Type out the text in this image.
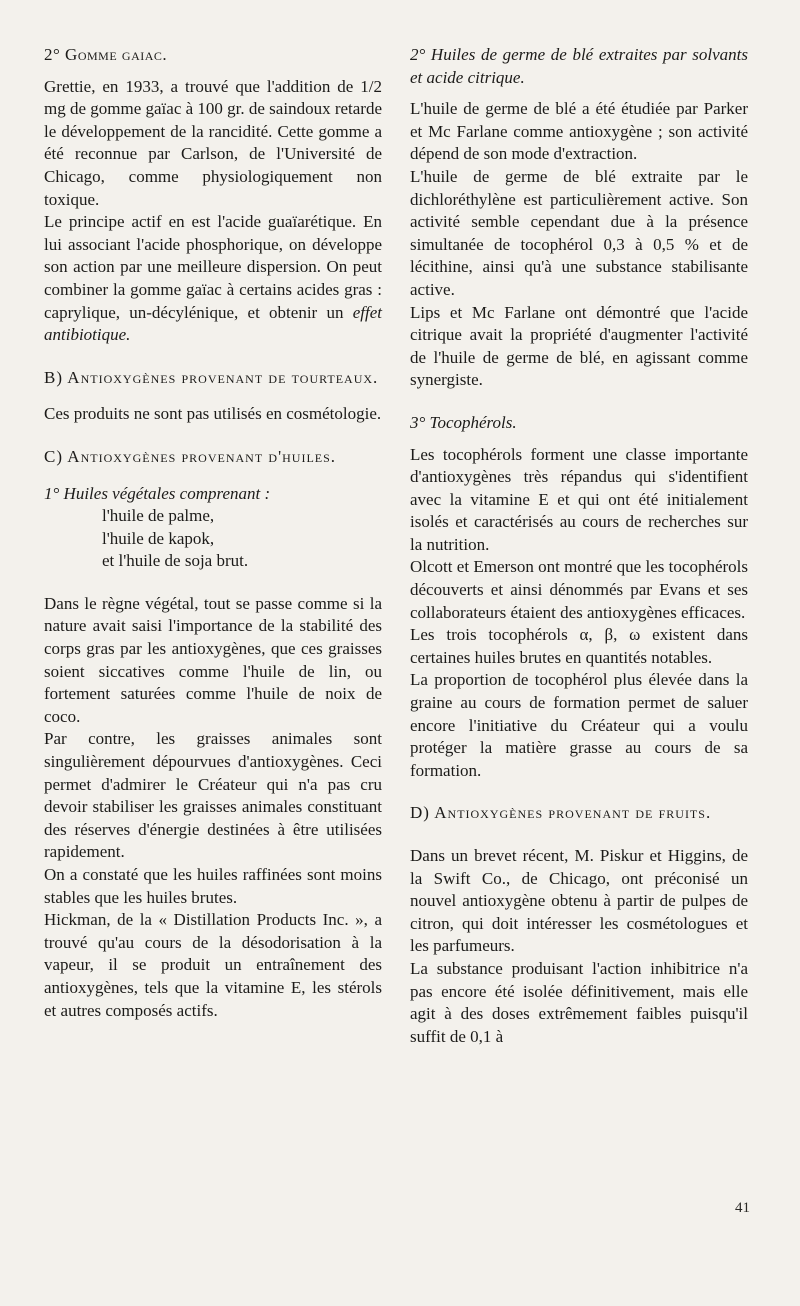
2° Gomme gaiac.

Grettie, en 1933, a trouvé que l'addition de 1/2 mg de gomme gaïac à 100 gr. de saindoux retarde le développement de la rancidité. Cette gomme a été reconnue par Carlson, de l'Université de Chicago, comme physiologiquement non toxique.

Le principe actif en est l'acide guaïarétique. En lui associant l'acide phosphorique, on développe son action par une meilleure dispersion. On peut combiner la gomme gaïac à certains acides gras : caprylique, un-décylénique, et obtenir un effet antibiotique.

B) Antioxygènes provenant de tourteaux.

Ces produits ne sont pas utilisés en cosmétologie.

C) Antioxygènes provenant d'huiles.

1° Huiles végétales comprenant :

l'huile de palme,

l'huile de kapok,

et l'huile de soja brut.

Dans le règne végétal, tout se passe comme si la nature avait saisi l'importance de la stabilité des corps gras par les antioxygènes, que ces graisses soient siccatives comme l'huile de lin, ou fortement saturées comme l'huile de noix de coco.

Par contre, les graisses animales sont singulièrement dépourvues d'antioxygènes. Ceci permet d'admirer le Créateur qui n'a pas cru devoir stabiliser les graisses animales constituant des réserves d'énergie destinées à être utilisées rapidement.

On a constaté que les huiles raffinées sont moins stables que les huiles brutes.

Hickman, de la « Distillation Products Inc. », a trouvé qu'au cours de la désodorisation à la vapeur, il se produit un entraînement des antioxygènes, tels que la vitamine E, les stérols et autres composés actifs.

2° Huiles de germe de blé extraites par solvants et acide citrique.

L'huile de germe de blé a été étudiée par Parker et Mc Farlane comme antioxygène ; son activité dépend de son mode d'extraction.

L'huile de germe de blé extraite par le dichloréthylène est particulièrement active. Son activité semble cependant due à la présence simultanée de tocophérol 0,3 à 0,5 % et de lécithine, ainsi qu'à une substance stabilisante active.

Lips et Mc Farlane ont démontré que l'acide citrique avait la propriété d'augmenter l'activité de l'huile de germe de blé, en agissant comme synergiste.

3° Tocophérols.

Les tocophérols forment une classe importante d'antioxygènes très répandus qui s'identifient avec la vitamine E et qui ont été initialement isolés et caractérisés au cours de recherches sur la nutrition.

Olcott et Emerson ont montré que les tocophérols découverts et ainsi dénommés par Evans et ses collaborateurs étaient des antioxygènes efficaces.

Les trois tocophérols α, β, ω existent dans certaines huiles brutes en quantités notables.

La proportion de tocophérol plus élevée dans la graine au cours de formation permet de saluer encore l'initiative du Créateur qui a voulu protéger la matière grasse au cours de sa formation.

D) Antioxygènes provenant de fruits.

Dans un brevet récent, M. Piskur et Higgins, de la Swift Co., de Chicago, ont préconisé un nouvel antioxygène obtenu à partir de pulpes de citron, qui doit intéresser les cosmétologues et les parfumeurs.

La substance produisant l'action inhibitrice n'a pas encore été isolée définitivement, mais elle agit à des doses extrêmement faibles puisqu'il suffit de 0,1 à

41
